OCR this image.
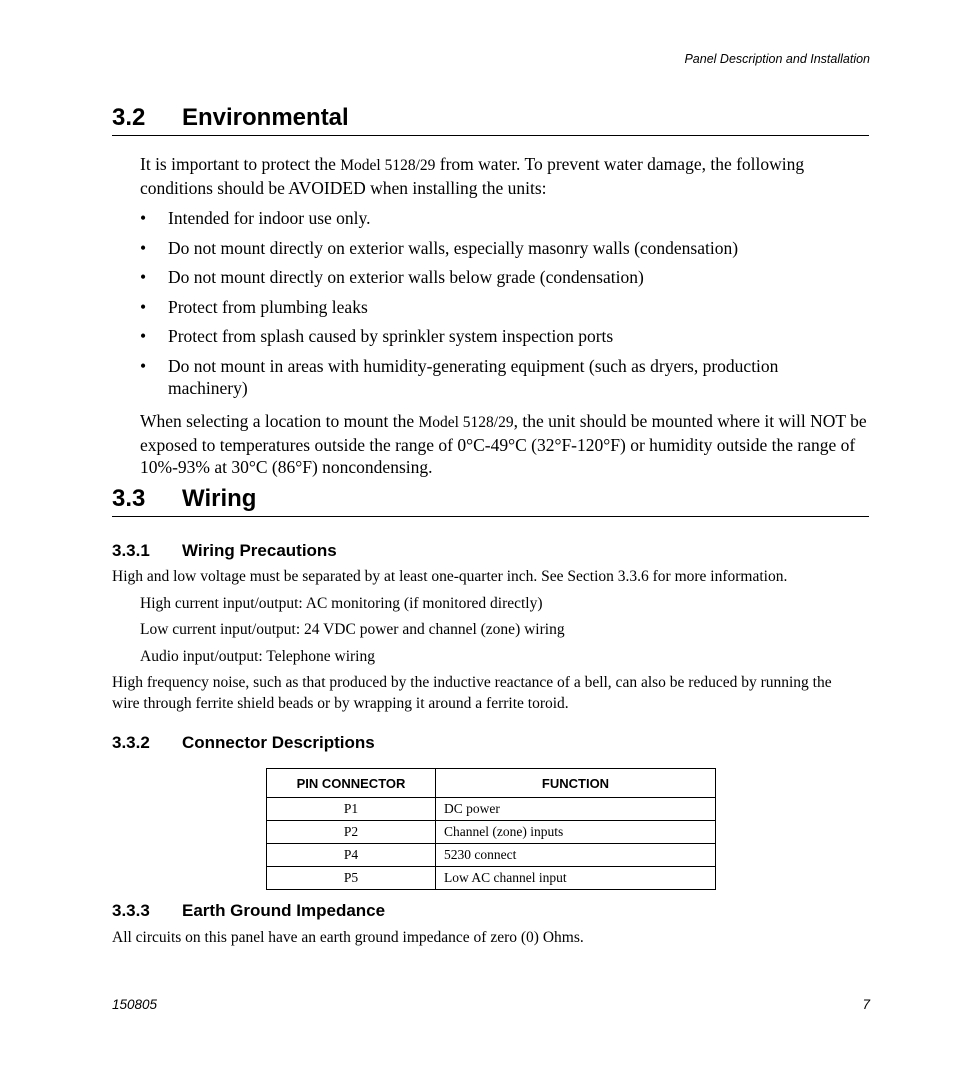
Panel Description and Installation
3.2 Environmental
It is important to protect the Model 5128/29 from water. To prevent water damage, the following conditions should be AVOIDED when installing the units:
• Intended for indoor use only.
• Do not mount directly on exterior walls, especially masonry walls (condensation)
• Do not mount directly on exterior walls below grade (condensation)
• Protect from plumbing leaks
• Protect from splash caused by sprinkler system inspection ports
• Do not mount in areas with humidity-generating equipment (such as dryers, production machinery)
When selecting a location to mount the Model 5128/29, the unit should be mounted where it will NOT be exposed to temperatures outside the range of 0°C-49°C (32°F-120°F) or humidity outside the range of 10%-93% at 30°C (86°F) noncondensing.
3.3 Wiring
3.3.1 Wiring Precautions
High and low voltage must be separated by at least one-quarter inch. See Section 3.3.6 for more information.
High current input/output: AC monitoring (if monitored directly)
Low current input/output: 24 VDC power and channel (zone) wiring
Audio input/output: Telephone wiring
High frequency noise, such as that produced by the inductive reactance of a bell, can also be reduced by running the wire through ferrite shield beads or by wrapping it around a ferrite toroid.
3.3.2 Connector Descriptions
PIN CONNECTOR	FUNCTION
P1	DC power
P2	Channel (zone) inputs
P4	5230 connect
P5	Low AC channel input
3.3.3 Earth Ground Impedance
All circuits on this panel have an earth ground impedance of zero (0) Ohms.
150805	7
